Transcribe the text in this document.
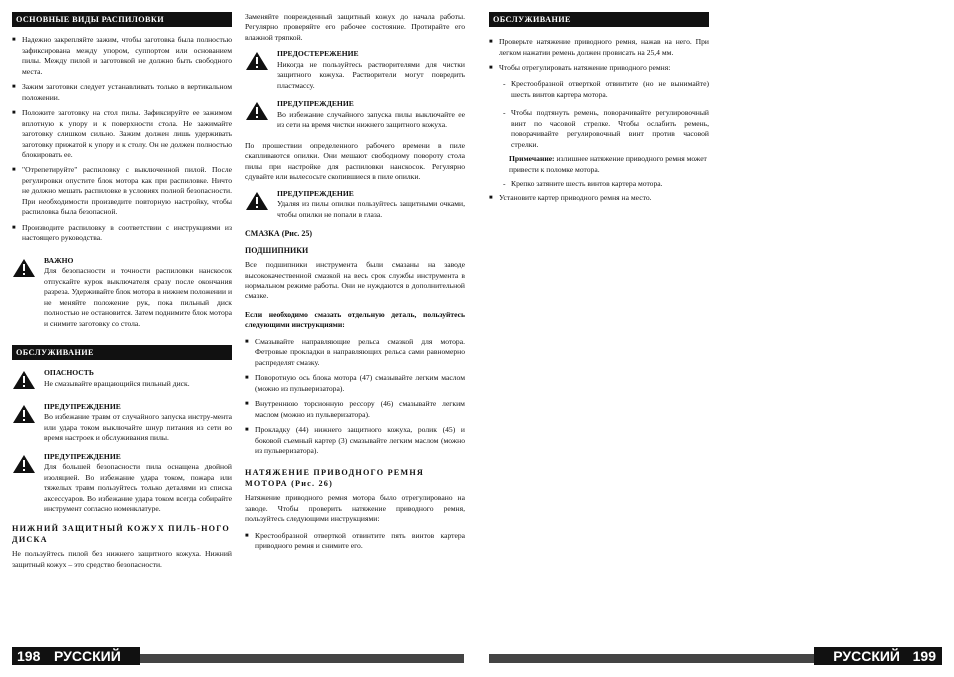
ОСНОВНЫЕ ВИДЫ РАСПИЛОВКИ
■ Надежно закрепляйте зажим, чтобы заготовка была полностью зафиксирована между упором, суппортом или основанием пилы. Между пилой и заготовкой не должно быть свободного места.
■ Зажим заготовки следует устанавливать только в вертикальном положении.
■ Положите заготовку на стол пилы. Зафиксируйте ее зажимом вплотную к упору и к поверхности стола. Не зажимайте заготовку слишком сильно. Зажим должен лишь удерживать заготовку прижатой к упору и к столу. Он не должен полностью блокировать ее.
■ "Отрепетируйте" распиловку с выключенной пилой. После регулировки опустите блок мотора как при распиловке. Ничто не должно мешать распиловке в условиях полной безопасности. При необходимости произведите повторную настройку, чтобы распиловка была безопасной.
■ Производите распиловку в соответствии с инструкциями из настоящего руководства.
ВАЖНО
Для безопасности и точности распиловки нанскосок отпускайте курок выключателя сразу после окончания разреза. Удерживайте блок мотора в нижнем положении и не меняйте положение рук, пока пильный диск полностью не остановится. Затем поднимите блок мотора и снимите заготовку со стола.
ОБСЛУЖИВАНИЕ
ОПАСНОСТЬ
Не смазывайте вращающийся пильный диск.
ПРЕДУПРЕЖДЕНИЕ
Во избежание травм от случайного запуска инстру-мента или удара током выключайте шнур питания из сети во время настроек и обслуживания пилы.
ПРЕДУПРЕЖДЕНИЕ
Для большей безопасности пила оснащена двойной изоляцией. Во избежание удара током, пожара или тяжелых травм пользуйтесь только деталями из списка аксессуаров. Во избежание удара током всегда собирайте инструмент согласно номенклатуре.
НИЖНИЙ ЗАЩИТНЫЙ КОЖУХ ПИЛЬ-НОГО ДИСКА

Не пользуйтесь пилой без нижнего защитного кожуха. Нижний защитный кожух – это средство безопасности.

Заменяйте поврежденный защитный кожух до начала работы. Регулярно проверяйте его рабочее состояние. Протирайте его влажной тряпкой.

ПРЕДОСТЕРЕЖЕНИЕ
Никогда не пользуйтесь растворителями для чистки защитного кожуха. Растворители могут повредить пластмассу.
ПРЕДУПРЕЖДЕНИЕ
Во избежание случайного запуска пилы выключайте ее из сети на время чистки нижнего защитного кожуха.

По прошествии определенного рабочего времени в пиле скапливаются опилки. Они мешают свободному повороту стола пилы при настройке для распиловки нанскосок. Регулярно сдувайте или вылесосьте скопившиеся в пиле опилки.

ПРЕДУПРЕЖДЕНИЕ
Удаляя из пилы опилки пользуйтесь защитными очками, чтобы опилки не попали в глаза.
СМАЗКА (Рис. 25)
ПОДШИПНИКИ

Все подшипники инструмента были смазаны на заводе высококачественной смазкой на весь срок службы инструмента в нормальном режиме работы. Они не нуждаются в дополнительной смазке.

Если необходимо смазать отдельную деталь, пользуйтесь следующими инструкциями:

■ Смазывайте направляющие рельса смазкой для мотора. Фетровые прокладки в направляющих рельса сами равномерно распределят смазку.
■ Поворотную ось блока мотора (47) смазывайте легким маслом (можно из пульверизатора).
■ Внутреннюю торсионную рессору (46) смазывайте легким маслом (можно из пульверизатора).
■ Прокладку (44) нижнего защитного кожуха, ролик (45) и боковой съемный картер (3) смазывайте легким маслом (можно из пульверизатора).
НАТЯЖЕНИЕ ПРИВОДНОГО РЕМНЯ МОТОРА (Рис. 26)

Натяжение приводного ремня мотора было отрегулировано на заводе. Чтобы проверить натяжение приводного ремня, пользуйтесь следующими инструкциями:

■ Крестообразной отверткой отвинтите пять винтов картера приводного ремня и снимите его.
ОБСЛУЖИВАНИЕ
■ Проверьте натяжение приводного ремня, нажав на него. При легком нажатии ремень должен провисать на 25,4 мм.
■ Чтобы отрегулировать натяжение приводного ремня:
- Крестообразной отверткой отвинтите (но не вынимайте) шесть винтов картера мотора.
- Чтобы подтянуть ремень, поворачивайте регулировочный винт по часовой стрелке. Чтобы ослабить ремень, поворачивайте регулировочный винт против часовой стрелки.
Примечание: излишнее натяжение приводного ремня может привести к поломке мотора.
- Крепко затяните шесть винтов картера мотора.
■ Установите картер приводного ремня на место.
198 РУССКИЙ	РУССКИЙ 199
